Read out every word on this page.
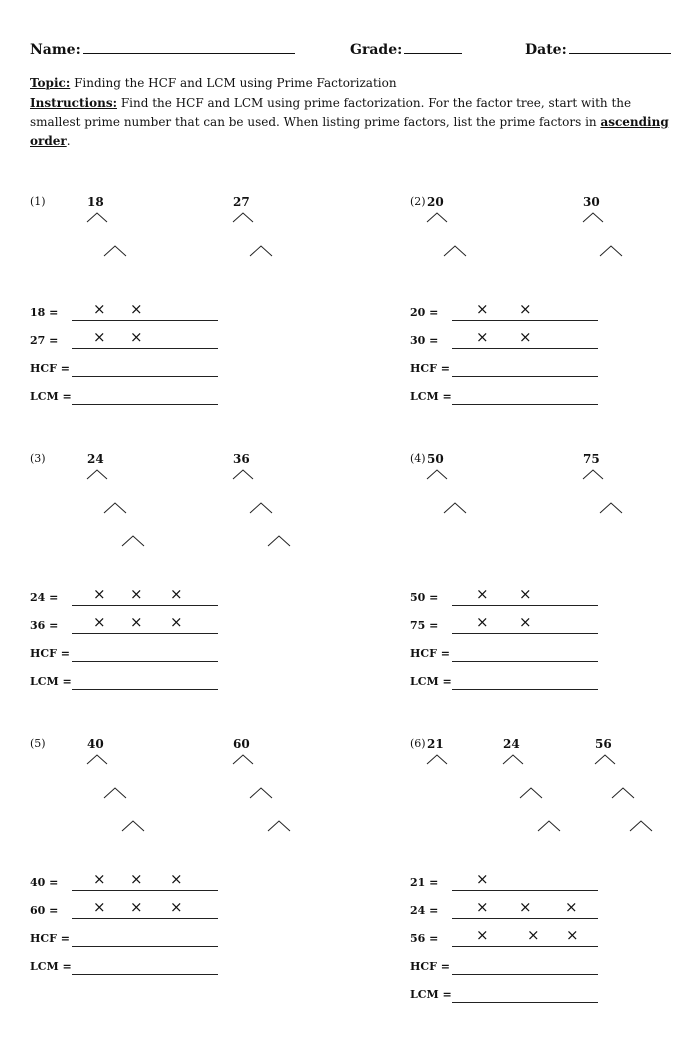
Name:	Grade:	Date:
Topic: Finding the HCF and LCM using Prime Factorization
Instructions: Find the HCF and LCM using prime factorization. For the factor tree, start with the smallest prime number that can be used. When listing prime factors, list the prime factors in ascending order.
(1)	18	27
18 = × ×
27 = × ×
HCF =
LCM =
(2) 20	30
20 =	× ×
30 =	× ×
HCF =
LCM =
(3)	24	36
24 = × × ×
36 = × × ×
HCF =
LCM =
(4) 50	75
50 =	× ×
75 =	× ×
HCF =
LCM =
(5)	40	60
40 = × × ×
60 = × × ×
HCF =
LCM =
(6) 21	24	56
21 =	×
24 =	× × ×
56 =	×	× ×
HCF =
LCM =
